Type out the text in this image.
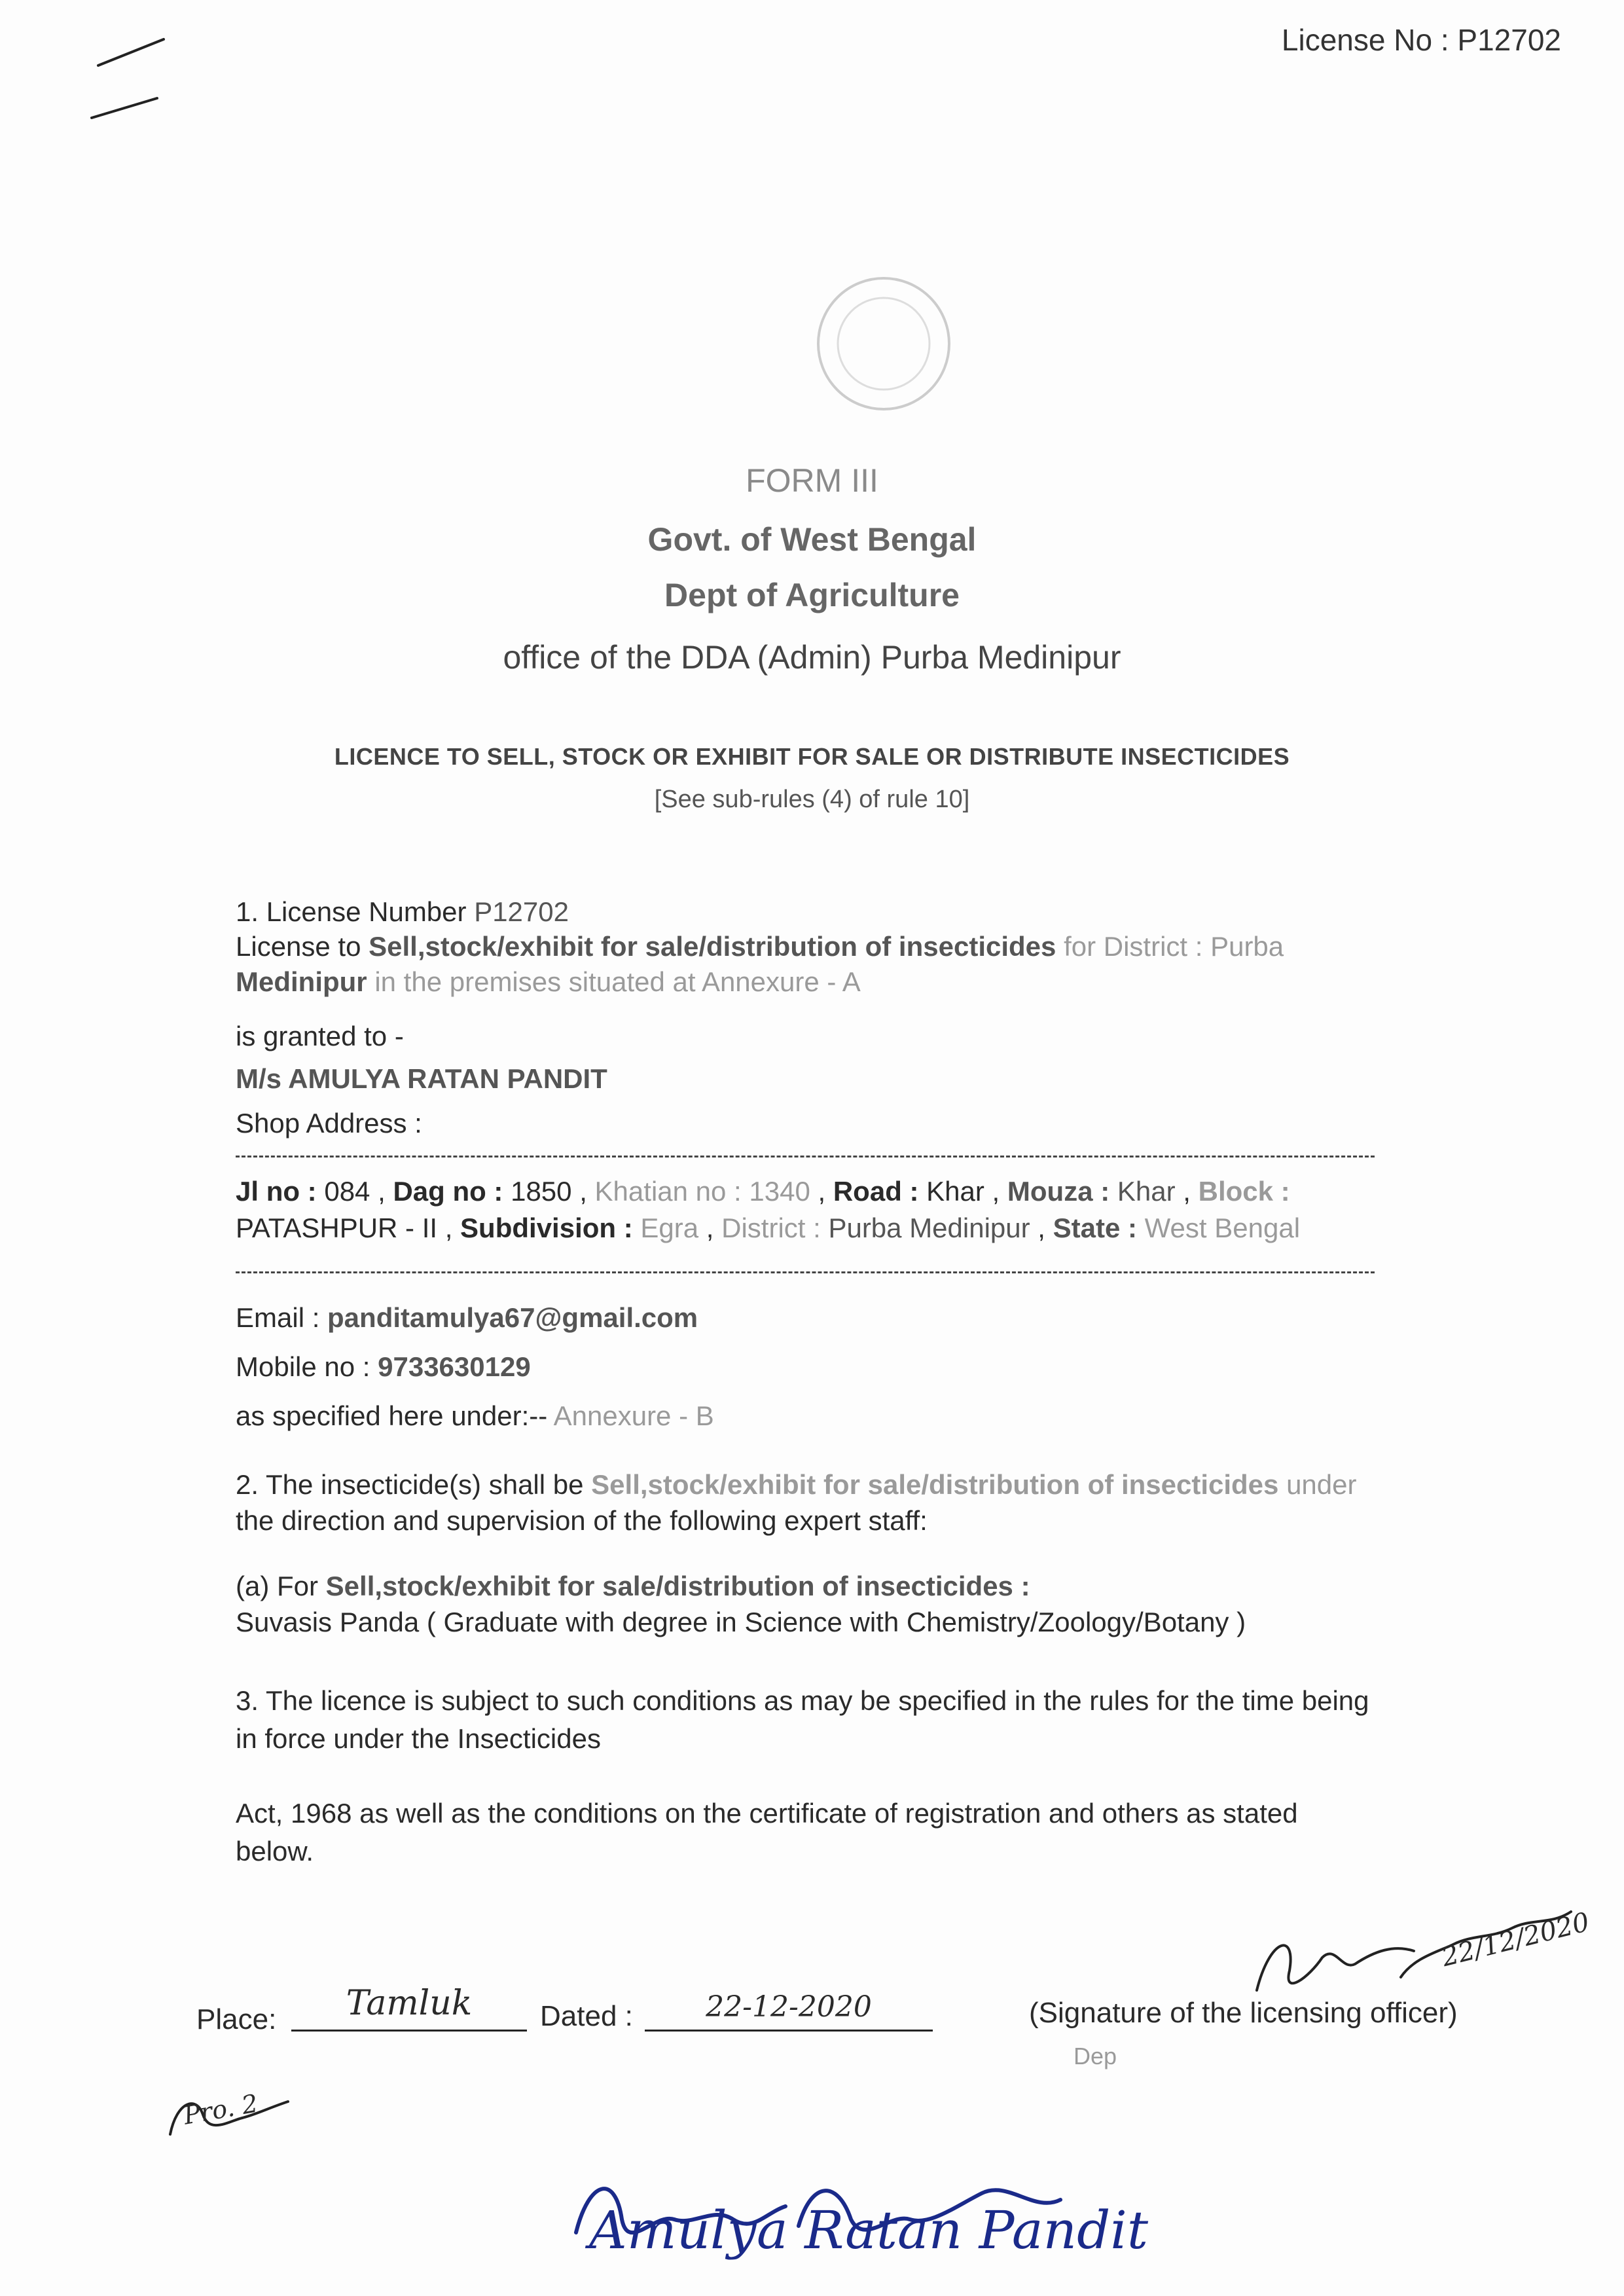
License No : P12702
FORM III
Govt. of West Bengal
Dept of Agriculture
office of the DDA (Admin) Purba Medinipur
LICENCE TO SELL, STOCK OR EXHIBIT FOR SALE OR DISTRIBUTE INSECTICIDES
[See sub-rules (4) of rule 10]
1. License Number P12702
License to Sell,stock/exhibit for sale/distribution of insecticides for District : Purba
Medinipur in the premises situated at Annexure - A
is granted to -
M/s AMULYA RATAN PANDIT
Shop Address :
Jl no : 084 , Dag no : 1850 , Khatian no : 1340 , Road : Khar , Mouza : Khar , Block :
PATASHPUR - II , Subdivision : Egra , District : Purba Medinipur , State : West Bengal
Email : panditamulya67@gmail.com
Mobile no : 9733630129
as specified here under:-- Annexure - B
2. The insecticide(s) shall be Sell,stock/exhibit for sale/distribution of insecticides under
the direction and supervision of the following expert staff:
(a) For Sell,stock/exhibit for sale/distribution of insecticides :
Suvasis Panda ( Graduate with degree in Science with Chemistry/Zoology/Botany )
3. The licence is subject to such conditions as may be specified in the rules for the time being
in force under the Insecticides
Act, 1968 as well as the conditions on the certificate of registration and others as stated
below.
Place:	Tamluk	Dated :	22-12-2020	(Signature of the licensing officer)
Dep
22/12/2020
Pro. 2
Amulya Ratan Pandit
